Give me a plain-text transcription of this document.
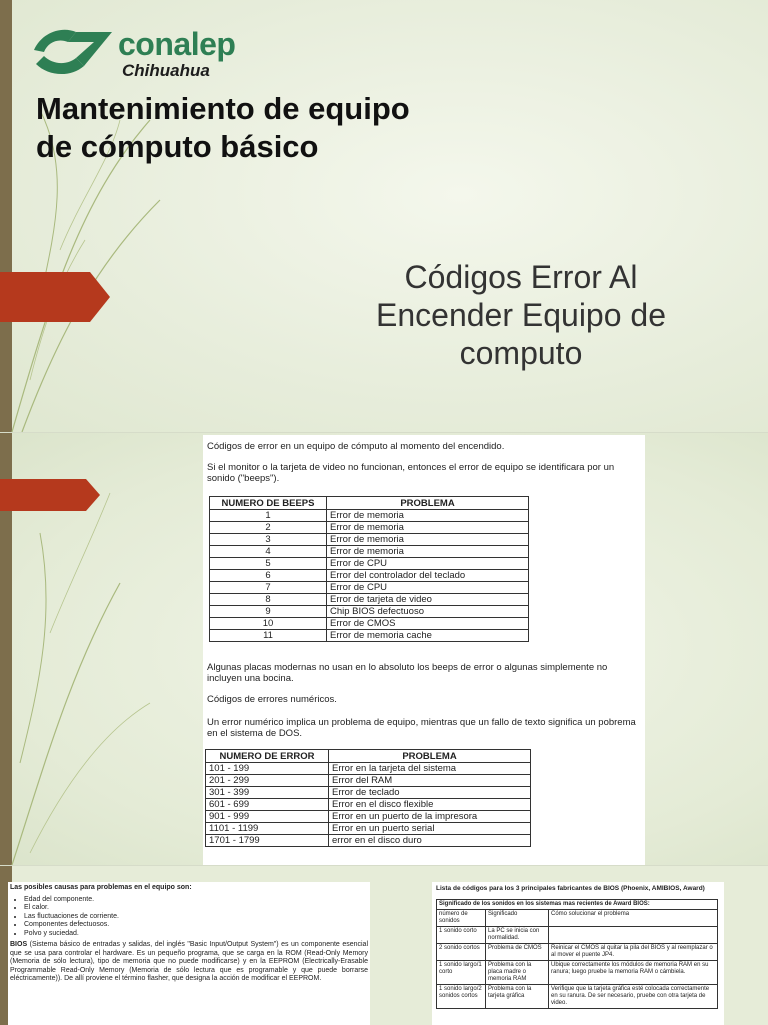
conalep
Chihuahua
Mantenimiento de equipo
de cómputo básico
Códigos Error Al
Encender Equipo de
computo

Códigos de error en un equipo de cómputo al momento del encendido.

Si el monitor o la tarjeta de video no funcionan, entonces el error de equipo se identificara por un sonido ("beeps").

NUMERO DE BEEPS	PROBLEMA
1	Error de memoria
2	Error de memoria
3	Error de memoria
4	Error de memoria
5	Error de CPU
6	Error del controlador del teclado
7	Error de CPU
8	Error de tarjeta de video
9	Chip BIOS defectuoso
10	Error de CMOS
11	Error de memoria cache

Algunas placas modernas no usan en lo absoluto los beeps de error o algunas simplemente no incluyen una bocina.

Códigos de errores numéricos.

Un error numérico implica un problema de equipo, mientras que un fallo de texto significa un pobrema en el sistema de DOS.

NUMERO DE ERROR	PROBLEMA
101 - 199	Error en la tarjeta del sistema
201 - 299	Error del RAM
301 - 399	Error de teclado
601 - 699	Error en el disco flexible
901 - 999	Error en un puerto de la impresora
1101 - 1199	Error en un puerto serial
1701 - 1799	error en el disco duro

Las posibles causas para problemas en el equipo son:

• Edad del componente.
• El calor.
• Las fluctuaciones de corriente.
• Componentes defectuosos.
• Polvo y suciedad.

BIOS (Sistema básico de entradas y salidas, del inglés "Basic Input/Output System") es un componente esencial que se usa para controlar el hardware. Es un pequeño programa, que se carga en la ROM (Read-Only Memory (Memoria de sólo lectura), tipo de memoria que no puede modificarse) y en la EEPROM (Electrically-Erasable Programmable Read-Only Memory (Memoria de sólo lectura que es programable y que puede borrarse eléctricamente)). De allí proviene el término flasher, que designa la acción de modificar el EEPROM.

Lista de códigos para los 3 principales fabricantes de BIOS (Phoenix, AMIBIOS, Award)

Significado de los sonidos en los sistemas mas recientes de Award BIOS:		
número de sonidos	Significado	Cómo solucionar el problema
1 sonido corto	La PC se inicia con normalidad.	
2 sonido cortos	Problema de CMOS	Reinicar el CMOS al quitar la pila del BIOS y al reemplazar o al mover el puente JP4.
1 sonido largo/1 corto	Problema con la placa madre o memoria RAM	Ubique correctamente los módulos de memoria RAM en su ranura; luego pruebe la memoria RAM o cámbiela.
1 sonido largo/2 sonidos cortos	Problema con la tarjeta gráfica	Verifique que la tarjeta gráfica esté colocada correctamente en su ranura. De ser necesario, pruebe con otra tarjeta de video.
